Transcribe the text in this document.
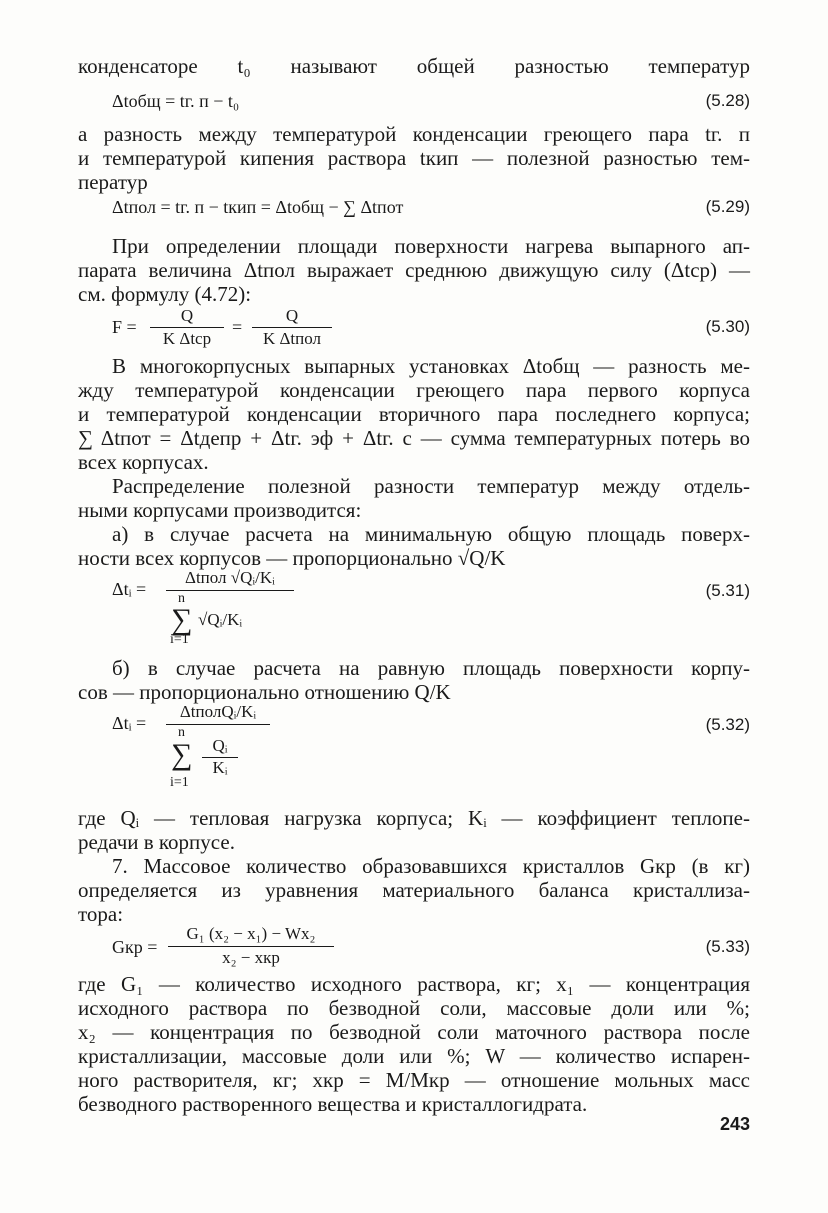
конденсаторе t₀ называют общей разностью температур
Δtобщ = tг. п − t₀	(5.28)
а разность между температурой конденсации греющего пара tг. п
и температурой кипения раствора tкип — полезной разностью тем-
ператур
Δtпол = tг. п − tкип = Δtобщ − ∑ Δtпот	(5.29)
При определении площади поверхности нагрева выпарного ап-
парата величина Δtпол выражает среднюю движущую силу (Δtср) —
см. формулу (4.72):
F =
Q
K Δtср
=
Q
K Δtпол
(5.30)
В многокорпусных выпарных установках Δtобщ — разность ме-
жду температурой конденсации греющего пара первого корпуса
и температурой конденсации вторичного пара последнего корпуса;
∑ Δtпот = Δtдепр + Δtг. эф + Δtг. с — сумма температурных потерь во
всех корпусах.
Распределение полезной разности температур между отдель-
ными корпусами производится:
а) в случае расчета на минимальную общую площадь поверх-
ности всех корпусов — пропорционально √Q/K
Δtᵢ =
Δtпол √Qᵢ/Kᵢ
n
∑ √Qᵢ/Kᵢ
i=1
(5.31)
б) в случае расчета на равную площадь поверхности корпу-
сов — пропорционально отношению Q/K
Δtᵢ =
ΔtполQᵢ/Kᵢ
n
∑	Qᵢ
Kᵢ
i=1
(5.32)
где Qᵢ — тепловая нагрузка корпуса; Kᵢ — коэффициент теплопе-
редачи в корпусе.
7. Массовое количество образовавшихся кристаллов Gкр (в кг)
определяется из уравнения материального баланса кристаллиза-
тора:
Gкр =
G₁ (x₂ − x₁) − Wx₂
x₂ − xкр
(5.33)
где G₁ — количество исходного раствора, кг; x₁ — концентрация
исходного раствора по безводной соли, массовые доли или %;
x₂ — концентрация по безводной соли маточного раствора после
кристаллизации, массовые доли или %; W — количество испарен-
ного растворителя, кг; xкр = M/Mкр — отношение мольных масс
безводного растворенного вещества и кристаллогидрата.
243
